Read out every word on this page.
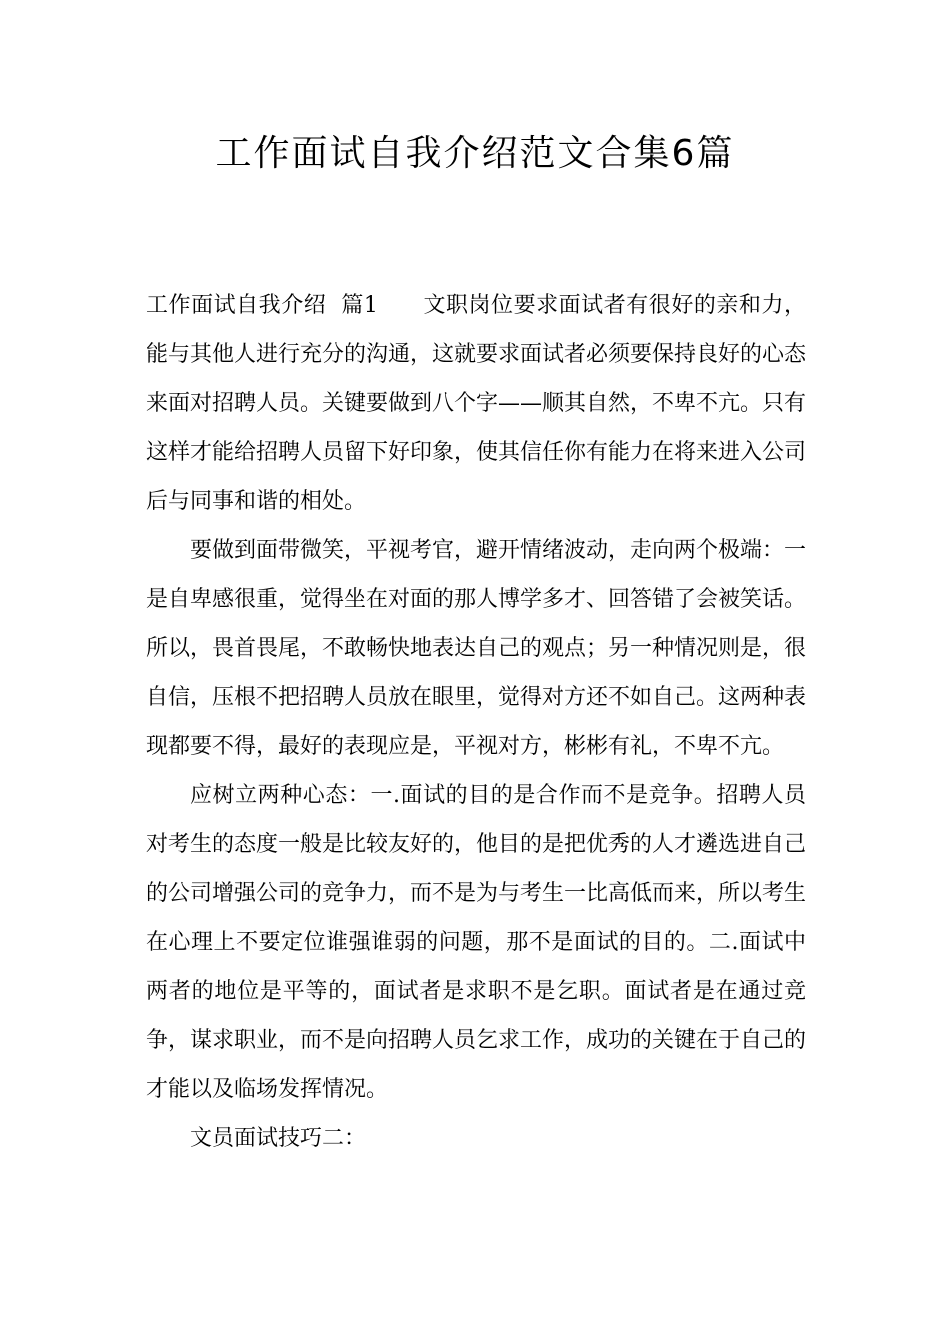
工作面试自我介绍范文合集6篇

工作面试自我介绍  篇1　　文职岗位要求面试者有很好的亲和力，能与其他人进行充分的沟通，这就要求面试者必须要保持良好的心态来面对招聘人员。关键要做到八个字——顺其自然，不卑不亢。只有这样才能给招聘人员留下好印象，使其信任你有能力在将来进入公司后与同事和谐的相处。

要做到面带微笑，平视考官，避开情绪波动，走向两个极端：一是自卑感很重，觉得坐在对面的那人博学多才、回答错了会被笑话。所以，畏首畏尾，不敢畅快地表达自己的观点；另一种情况则是，很自信，压根不把招聘人员放在眼里，觉得对方还不如自己。这两种表现都要不得，最好的表现应是，平视对方，彬彬有礼，不卑不亢。

应树立两种心态：一.面试的目的是合作而不是竞争。招聘人员对考生的态度一般是比较友好的，他目的是把优秀的人才遴选进自己的公司增强公司的竞争力，而不是为与考生一比高低而来，所以考生在心理上不要定位谁强谁弱的问题，那不是面试的目的。二.面试中两者的地位是平等的，面试者是求职不是乞职。面试者是在通过竞争，谋求职业，而不是向招聘人员乞求工作，成功的关键在于自己的才能以及临场发挥情况。

文员面试技巧二：
